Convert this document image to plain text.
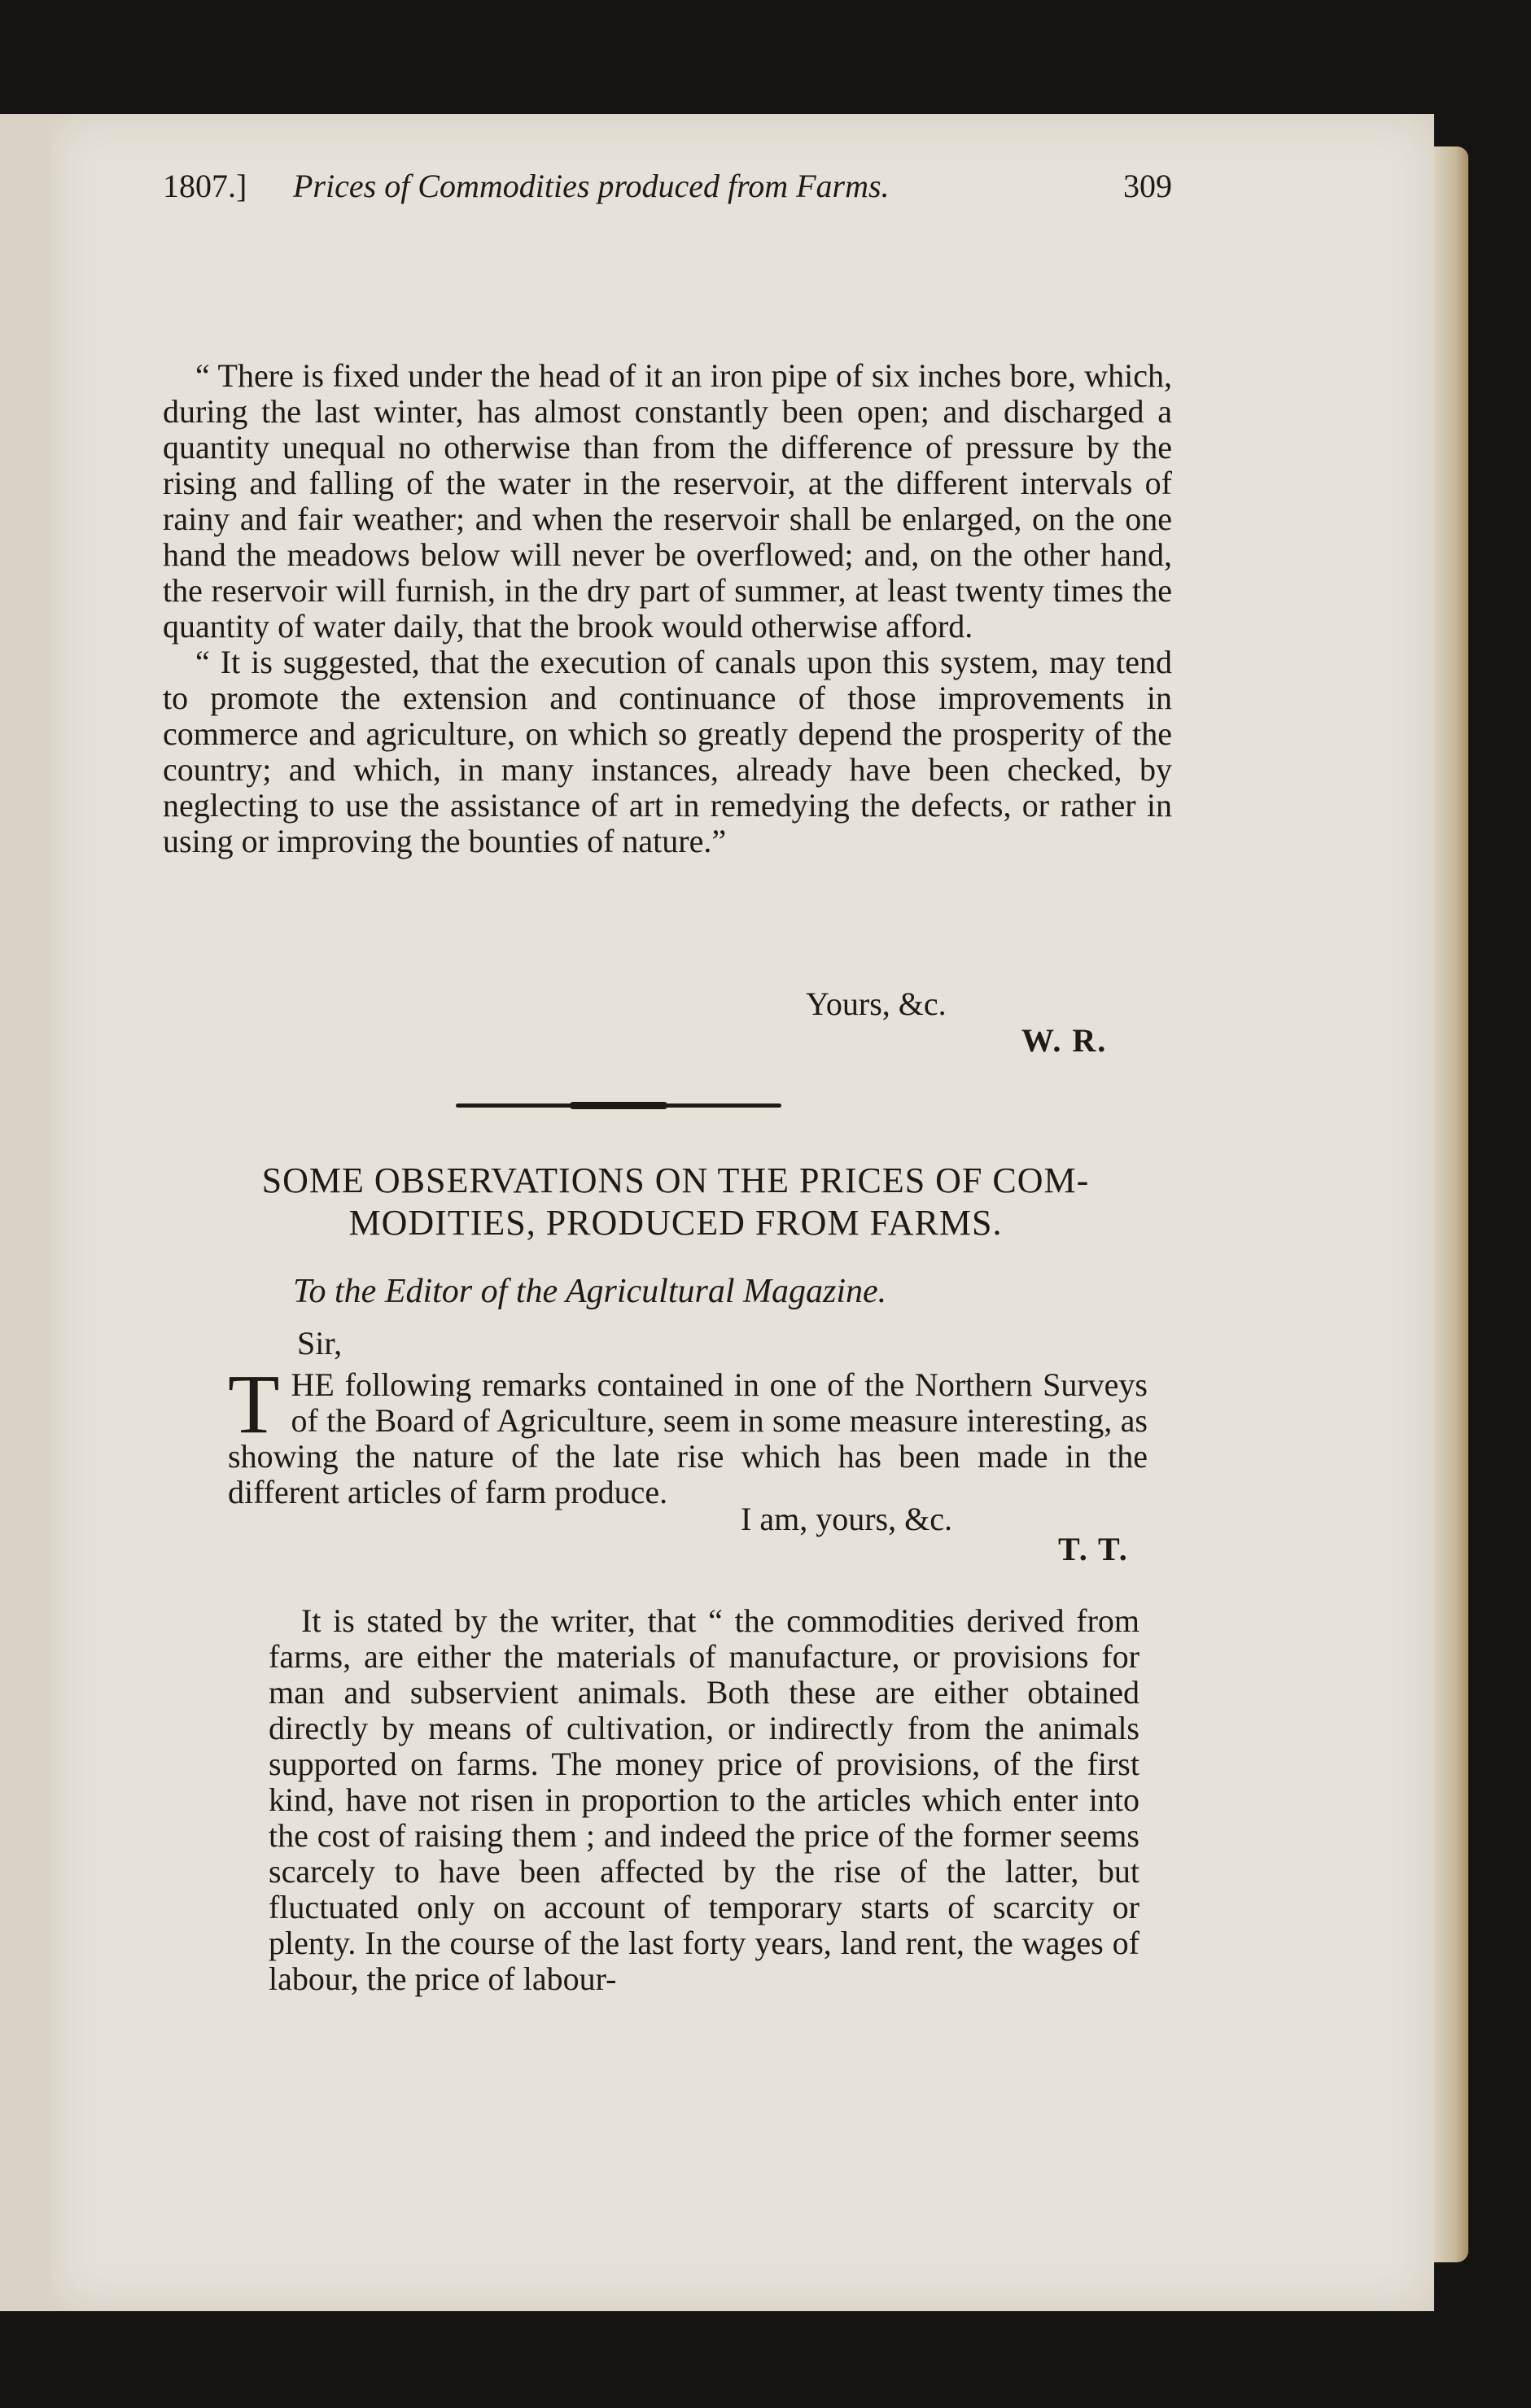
1807.] Prices of Commodities produced from Farms.	309

“ There is fixed under the head of it an iron pipe of six inches bore, which, during the last winter, has almost constantly been open; and discharged a quantity unequal no otherwise than from the difference of pressure by the rising and falling of the water in the reservoir, at the different intervals of rainy and fair weather; and when the reservoir shall be enlarged, on the one hand the meadows below will never be overflowed; and, on the other hand, the reservoir will furnish, in the dry part of summer, at least twenty times the quantity of water daily, that the brook would otherwise afford.

“ It is suggested, that the execution of canals upon this system, may tend to promote the extension and continuance of those improvements in commerce and agriculture, on which so greatly depend the prosperity of the country; and which, in many instances, already have been checked, by neglecting to use the assistance of art in remedying the defects, or rather in using or improving the bounties of nature.”

Yours, &c.
W. R.
SOME OBSERVATIONS ON THE PRICES OF COM-
MODITIES, PRODUCED FROM FARMS.
To the Editor of the Agricultural Magazine.
Sir,
T HE following remarks contained in one of the Northern Surveys of the Board of Agriculture, seem in some measure interesting, as showing the nature of the late rise which has been made in the different articles of farm produce.
I am, yours, &c.
T. T.

It is stated by the writer, that “ the commodities derived from farms, are either the materials of manufacture, or provisions for man and subservient animals. Both these are either obtained directly by means of cultivation, or indirectly from the animals supported on farms. The money price of provisions, of the first kind, have not risen in proportion to the articles which enter into the cost of raising them ; and indeed the price of the former seems scarcely to have been affected by the rise of the latter, but fluctuated only on account of temporary starts of scarcity or plenty. In the course of the last forty years, land rent, the wages of labour, the price of labour-
